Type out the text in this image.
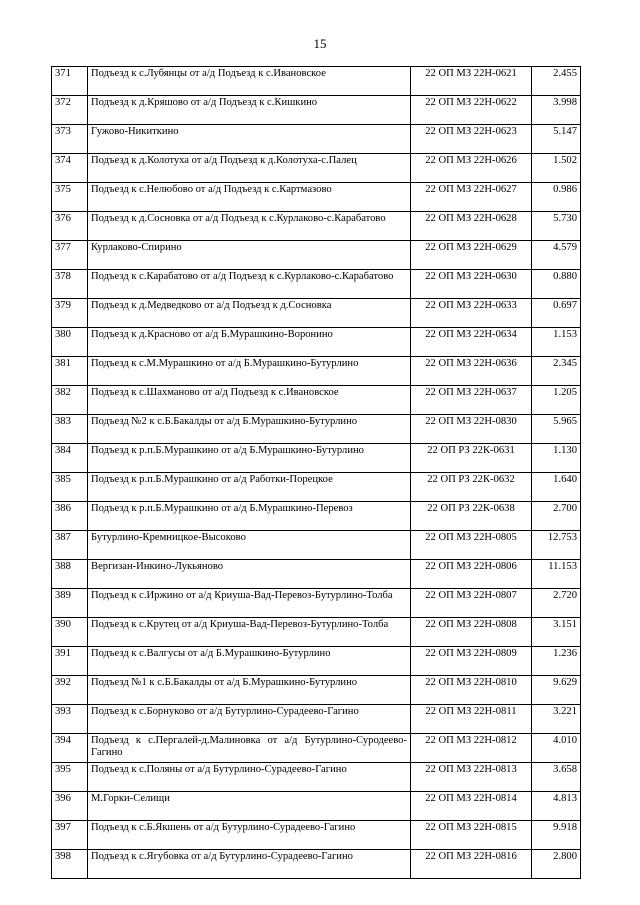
15
371	Подъезд к с.Лубянцы от а/д Подъезд к с.Ивановское	22 ОП МЗ 22Н-0621	2.455
372	Подъезд к д.Кряшово от а/д Подъезд к с.Кишкино	22 ОП МЗ 22Н-0622	3.998
373	Гужово-Никиткино	22 ОП МЗ 22Н-0623	5.147
374	Подъезд к д.Колотуха от а/д Подъезд к д.Колотуха-с.Палец	22 ОП МЗ 22Н-0626	1.502
375	Подъезд к с.Нелюбово от а/д Подъезд к с.Картмазово	22 ОП МЗ 22Н-0627	0.986
376	Подъезд к д.Сосновка от а/д Подъезд к с.Курлаково-с.Карабатово	22 ОП МЗ 22Н-0628	5.730
377	Курлаково-Спирино	22 ОП МЗ 22Н-0629	4.579
378	Подъезд к с.Карабатово от а/д Подъезд к с.Курлаково-с.Карабатово	22 ОП МЗ 22Н-0630	0.880
379	Подъезд к д.Медведково от а/д Подъезд к д.Сосновка	22 ОП МЗ 22Н-0633	0.697
380	Подъезд к д.Красново от а/д Б.Мурашкино-Воронино	22 ОП МЗ 22Н-0634	1.153
381	Подъезд к с.М.Мурашкино от а/д Б.Мурашкино-Бутурлино	22 ОП МЗ 22Н-0636	2.345
382	Подъезд к с.Шахманово от а/д Подъезд к с.Ивановское	22 ОП МЗ 22Н-0637	1.205
383	Подъезд №2 к с.Б.Бакалды от а/д Б.Мурашкино-Бутурлино	22 ОП МЗ 22Н-0830	5.965
384	Подъезд к р.п.Б.Мурашкино от а/д Б.Мурашкино-Бутурлино	22 ОП РЗ 22К-0631	1.130
385	Подъезд к р.п.Б.Мурашкино от а/д Работки-Порецкое	22 ОП РЗ 22К-0632	1.640
386	Подъезд к р.п.Б.Мурашкино от а/д Б.Мурашкино-Перевоз	22 ОП РЗ 22К-0638	2.700
387	Бутурлино-Кремницкое-Высоково	22 ОП МЗ 22Н-0805	12.753
388	Вергизан-Инкино-Лукьяново	22 ОП МЗ 22Н-0806	11.153
389	Подъезд к с.Иржино от а/д Криуша-Вад-Перевоз-Бутурлино-Толба	22 ОП МЗ 22Н-0807	2.720
390	Подъезд к с.Крутец от а/д Криуша-Вад-Перевоз-Бутурлино-Толба	22 ОП МЗ 22Н-0808	3.151
391	Подъезд к с.Валгусы от а/д Б.Мурашкино-Бутурлино	22 ОП МЗ 22Н-0809	1.236
392	Подъезд №1 к с.Б.Бакалды от а/д Б.Мурашкино-Бутурлино	22 ОП МЗ 22Н-0810	9.629
393	Подъезд к с.Борнуково от а/д Бутурлино-Сурадеево-Гагино	22 ОП МЗ 22Н-0811	3.221
394	Подъезд к с.Пергалей-д.Малиновка от а/д Бутурлино-Суродеево-Гагино	22 ОП МЗ 22Н-0812	4.010
395	Подъезд к с.Поляны от а/д Бутурлино-Сурадеево-Гагино	22 ОП МЗ 22Н-0813	3.658
396	М.Горки-Селищи	22 ОП МЗ 22Н-0814	4.813
397	Подъезд к с.Б.Якшень от а/д Бутурлино-Сурадеево-Гагино	22 ОП МЗ 22Н-0815	9.918
398	Подъезд к с.Ягубовка от а/д Бутурлино-Сурадеево-Гагино	22 ОП МЗ 22Н-0816	2.800
